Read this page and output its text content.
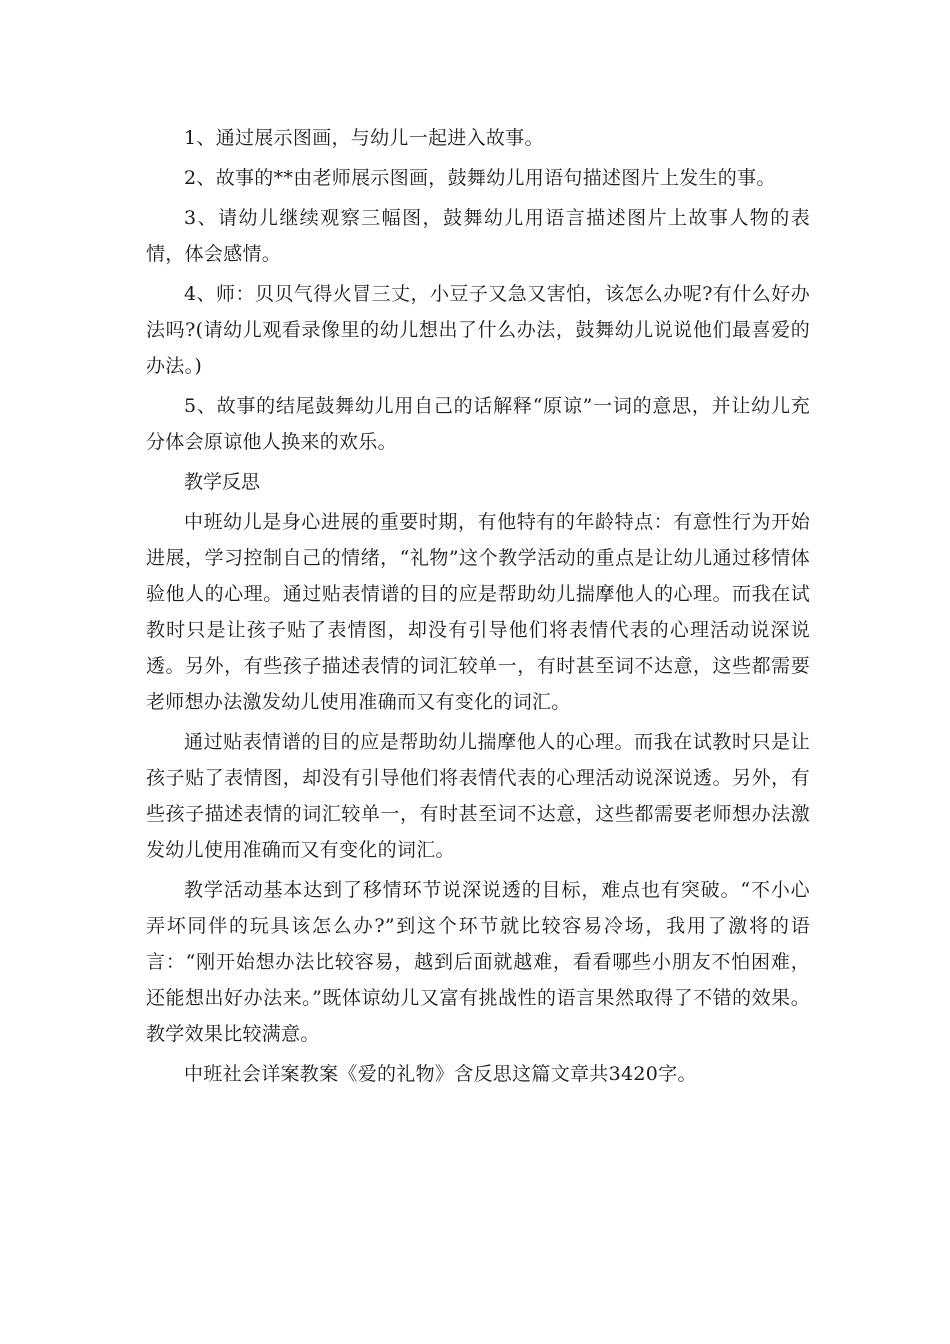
1、通过展示图画，与幼儿一起进入故事。

2、故事的**由老师展示图画，鼓舞幼儿用语句描述图片上发生的事。

3、请幼儿继续观察三幅图，鼓舞幼儿用语言描述图片上故事人物的表情，体会感情。

4、师：贝贝气得火冒三丈，小豆子又急又害怕，该怎么办呢?有什么好办法吗?(请幼儿观看录像里的幼儿想出了什么办法，鼓舞幼儿说说他们最喜爱的办法。)

5、故事的结尾鼓舞幼儿用自己的话解释“原谅”一词的意思，并让幼儿充分体会原谅他人换来的欢乐。

教学反思

中班幼儿是身心进展的重要时期，有他特有的年龄特点：有意性行为开始进展，学习控制自己的情绪，“礼物”这个教学活动的重点是让幼儿通过移情体验他人的心理。通过贴表情谱的目的应是帮助幼儿揣摩他人的心理。而我在试教时只是让孩子贴了表情图，却没有引导他们将表情代表的心理活动说深说透。另外，有些孩子描述表情的词汇较单一，有时甚至词不达意，这些都需要老师想办法激发幼儿使用准确而又有变化的词汇。

通过贴表情谱的目的应是帮助幼儿揣摩他人的心理。而我在试教时只是让孩子贴了表情图，却没有引导他们将表情代表的心理活动说深说透。另外，有些孩子描述表情的词汇较单一，有时甚至词不达意，这些都需要老师想办法激发幼儿使用准确而又有变化的词汇。

教学活动基本达到了移情环节说深说透的目标，难点也有突破。“不小心弄坏同伴的玩具该怎么办?”到这个环节就比较容易冷场，我用了激将的语言：“刚开始想办法比较容易，越到后面就越难，看看哪些小朋友不怕困难，还能想出好办法来。”既体谅幼儿又富有挑战性的语言果然取得了不错的效果。教学效果比较满意。

中班社会详案教案《爱的礼物》含反思这篇文章共3420字。
